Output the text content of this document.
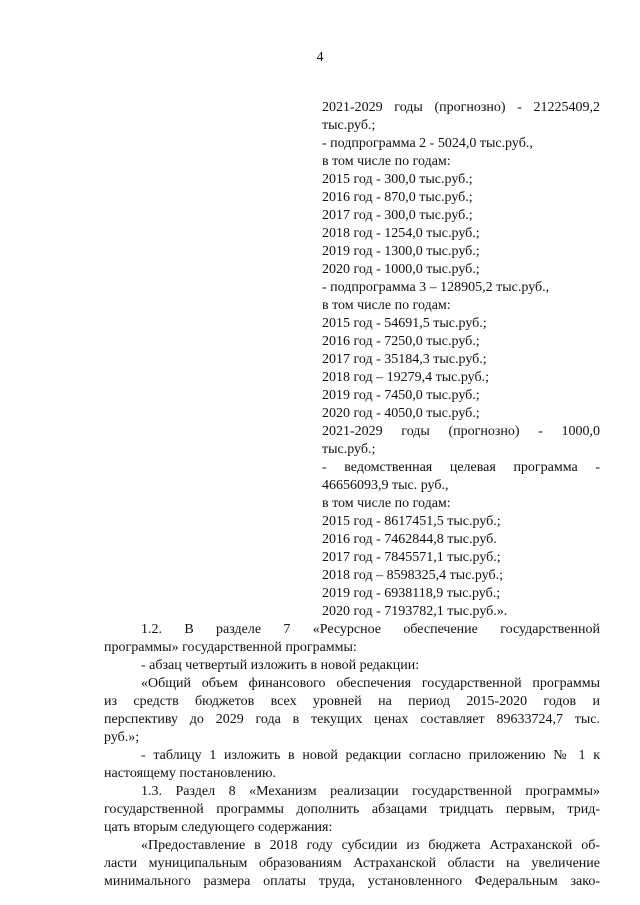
4
2021-2029 годы (прогнозно) - 21225409,2
тыс.руб.;
- подпрограмма 2 - 5024,0 тыс.руб.,
в том числе по годам:
2015 год - 300,0 тыс.руб.;
2016 год - 870,0 тыс.руб.;
2017 год - 300,0 тыс.руб.;
2018 год - 1254,0 тыс.руб.;
2019 год - 1300,0 тыс.руб.;
2020 год - 1000,0 тыс.руб.;
- подпрограмма 3 – 128905,2 тыс.руб.,
в том числе по годам:
2015 год - 54691,5 тыс.руб.;
2016 год - 7250,0 тыс.руб.;
2017 год - 35184,3 тыс.руб.;
2018 год – 19279,4 тыс.руб.;
2019 год - 7450,0 тыс.руб.;
2020 год - 4050,0 тыс.руб.;
2021-2029 годы (прогнозно) - 1000,0
тыс.руб.;
- ведомственная целевая программа -
46656093,9 тыс. руб.,
в том числе по годам:
2015 год - 8617451,5 тыс.руб.;
2016 год - 7462844,8 тыс.руб.
2017 год - 7845571,1 тыс.руб.;
2018 год – 8598325,4 тыс.руб.;
2019 год - 6938118,9 тыс.руб.;
2020 год - 7193782,1 тыс.руб.».
1.2. В разделе 7 «Ресурсное обеспечение государственной
программы» государственной программы:
- абзац четвертый изложить в новой редакции:
«Общий объем финансового обеспечения государственной программы
из средств бюджетов всех уровней на период 2015-2020 годов и
перспективу до 2029 года в текущих ценах составляет 89633724,7 тыс.
руб.»;
- таблицу 1 изложить в новой редакции согласно приложению № 1 к
настоящему постановлению.
1.3. Раздел 8 «Механизм реализации государственной программы»
государственной программы дополнить абзацами тридцать первым, трид-
цать вторым следующего содержания:
«Предоставление в 2018 году субсидии из бюджета Астраханской об-
ласти муниципальным образованиям Астраханской области на увеличение
минимального размера оплаты труда, установленного Федеральным зако-
